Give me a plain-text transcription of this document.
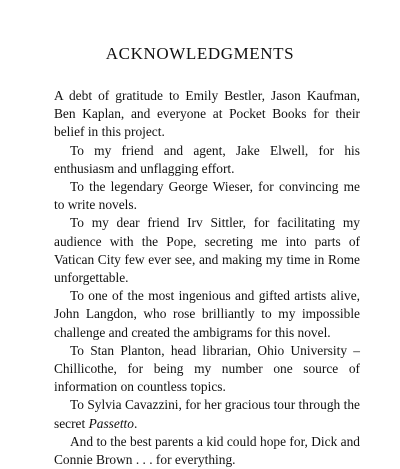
ACKNOWLEDGMENTS

A debt of gratitude to Emily Bestler, Jason Kaufman, Ben Kaplan, and everyone at Pocket Books for their belief in this project.

To my friend and agent, Jake Elwell, for his enthusiasm and unflagging effort.

To the legendary George Wieser, for convincing me to write novels.

To my dear friend Irv Sittler, for facilitating my audience with the Pope, secreting me into parts of Vatican City few ever see, and making my time in Rome unforgettable.

To one of the most ingenious and gifted artists alive, John Langdon, who rose brilliantly to my impossible challenge and created the ambigrams for this novel.

To Stan Planton, head librarian, Ohio University – Chillicothe, for being my number one source of information on countless topics.

To Sylvia Cavazzini, for her gracious tour through the secret Passetto.

And to the best parents a kid could hope for, Dick and Connie Brown . . . for everything.
